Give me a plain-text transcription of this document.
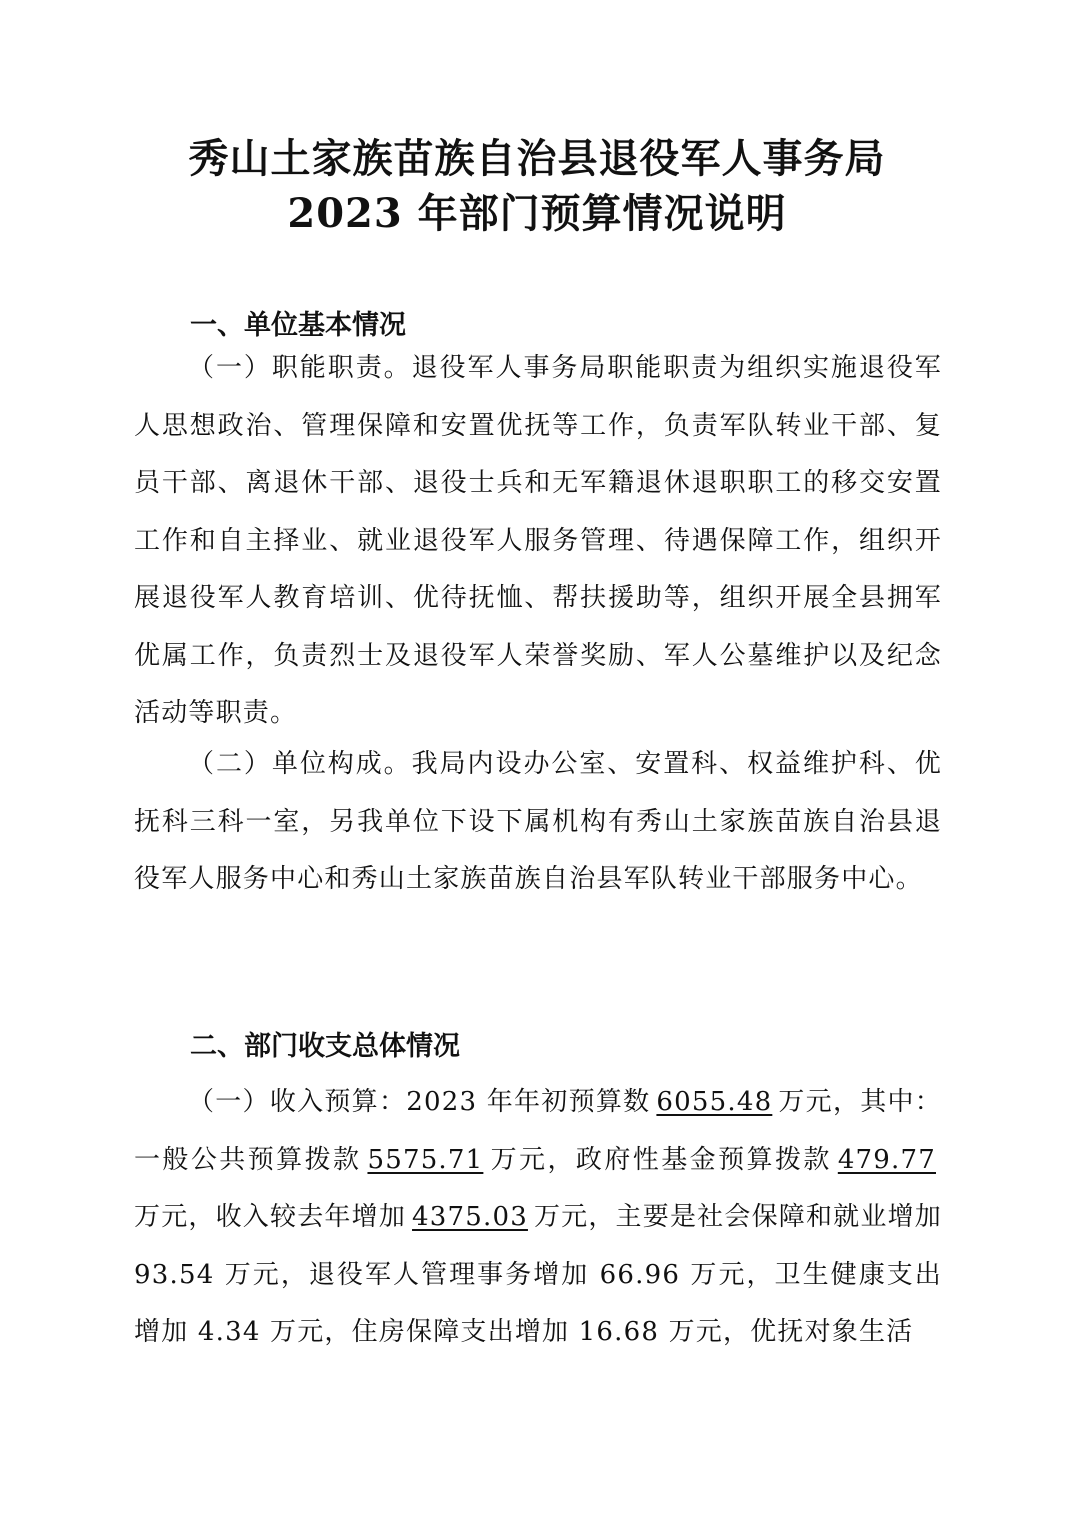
秀山土家族苗族自治县退役军人事务局
2023 年部门预算情况说明
一、单位基本情况

（一）职能职责。退役军人事务局职能职责为组织实施退役军人思想政治、管理保障和安置优抚等工作，负责军队转业干部、复员干部、离退休干部、退役士兵和无军籍退休退职职工的移交安置工作和自主择业、就业退役军人服务管理、待遇保障工作，组织开展退役军人教育培训、优待抚恤、帮扶援助等，组织开展全县拥军优属工作，负责烈士及退役军人荣誉奖励、军人公墓维护以及纪念活动等职责。

（二）单位构成。我局内设办公室、安置科、权益维护科、优抚科三科一室，另我单位下设下属机构有秀山土家族苗族自治县退役军人服务中心和秀山土家族苗族自治县军队转业干部服务中心。

二、部门收支总体情况

（一）收入预算：2023 年年初预算数 6055.48 万元，其中：一般公共预算拨款 5575.71 万元，政府性基金预算拨款 479.77万元，收入较去年增加 4375.03 万元，主要是社会保障和就业增加 93.54 万元，退役军人管理事务增加 66.96 万元，卫生健康支出增加 4.34 万元，住房保障支出增加 16.68 万元，优抚对象生活
